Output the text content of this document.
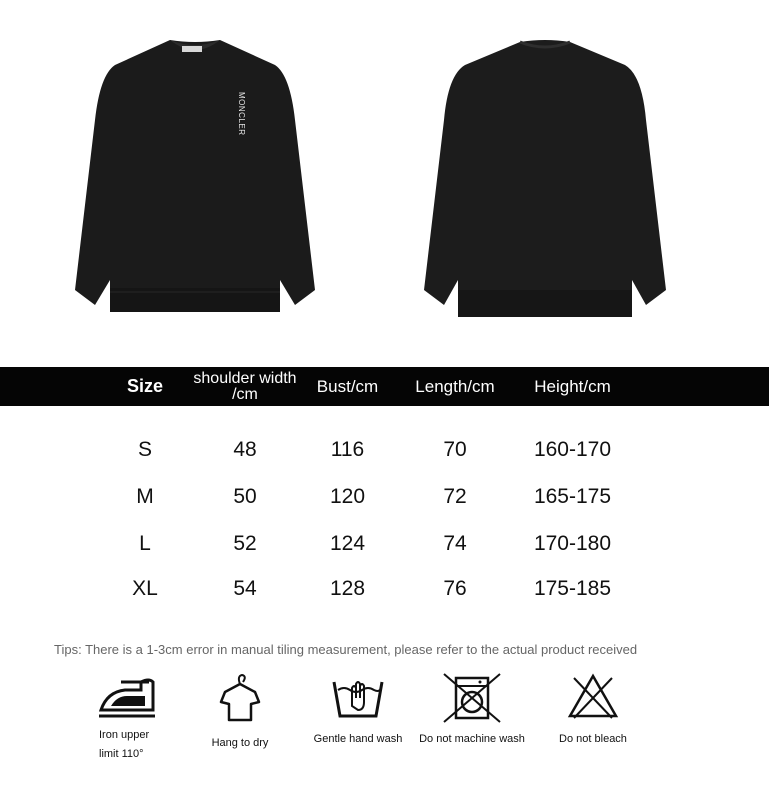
MONCLER
Size	shoulder width /cm	Bust/cm	Length/cm	Height/cm
S	48	116	70	160-170
M	50	120	72	165-175
L	52	124	74	170-180
XL	54	128	76	175-185
Tips: There is a 1-3cm error in manual tiling measurement, please refer to the actual product received
Iron upper
limit 110°
Hang to dry	Gentle hand wash	Do not machine wash	Do not bleach
